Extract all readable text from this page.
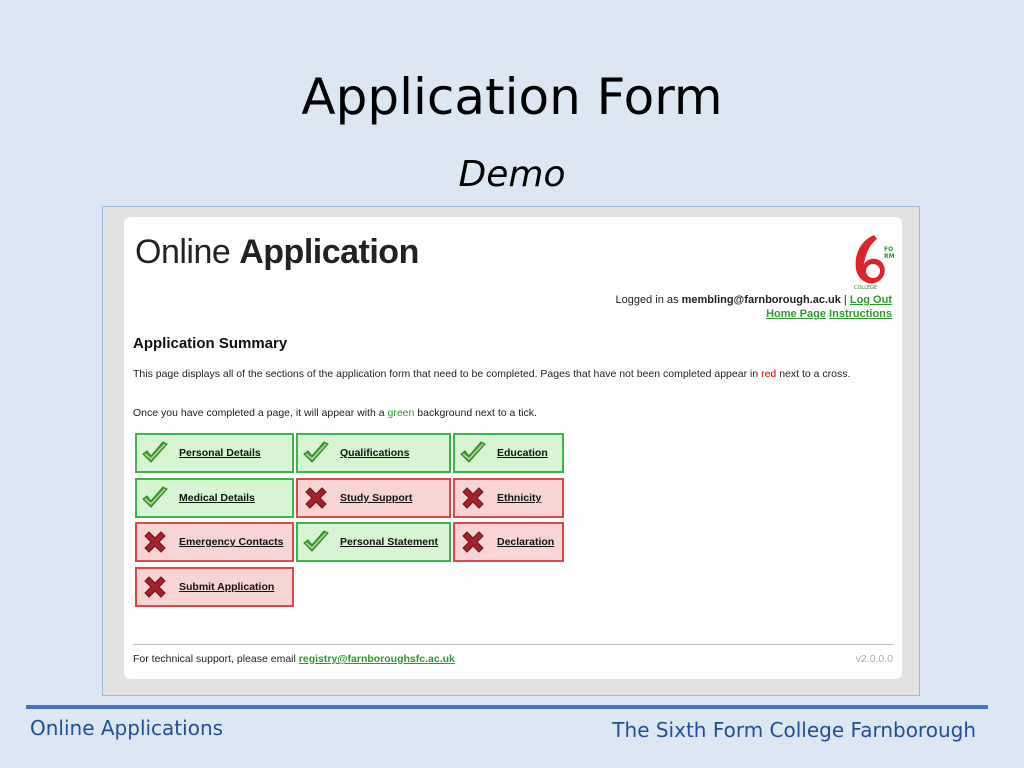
Application Form
Demo
Online Application	FO
RM
COLLEGE
Logged in as membling@farnborough.ac.uk | Log Out
Home Page Instructions
Application Summary
This page displays all of the sections of the application form that need to be completed. Pages that have not been completed appear in red next to a cross.
Once you have completed a page, it will appear with a green background next to a tick.
Personal Details	Qualifications	Education
Medical Details	Study Support	Ethnicity
Emergency Contacts	Personal Statement	Declaration
Submit Application
For technical support, please email registry@farnboroughsfc.ac.uk	v2.0.0.0
Online Applications	The Sixth Form College Farnborough
